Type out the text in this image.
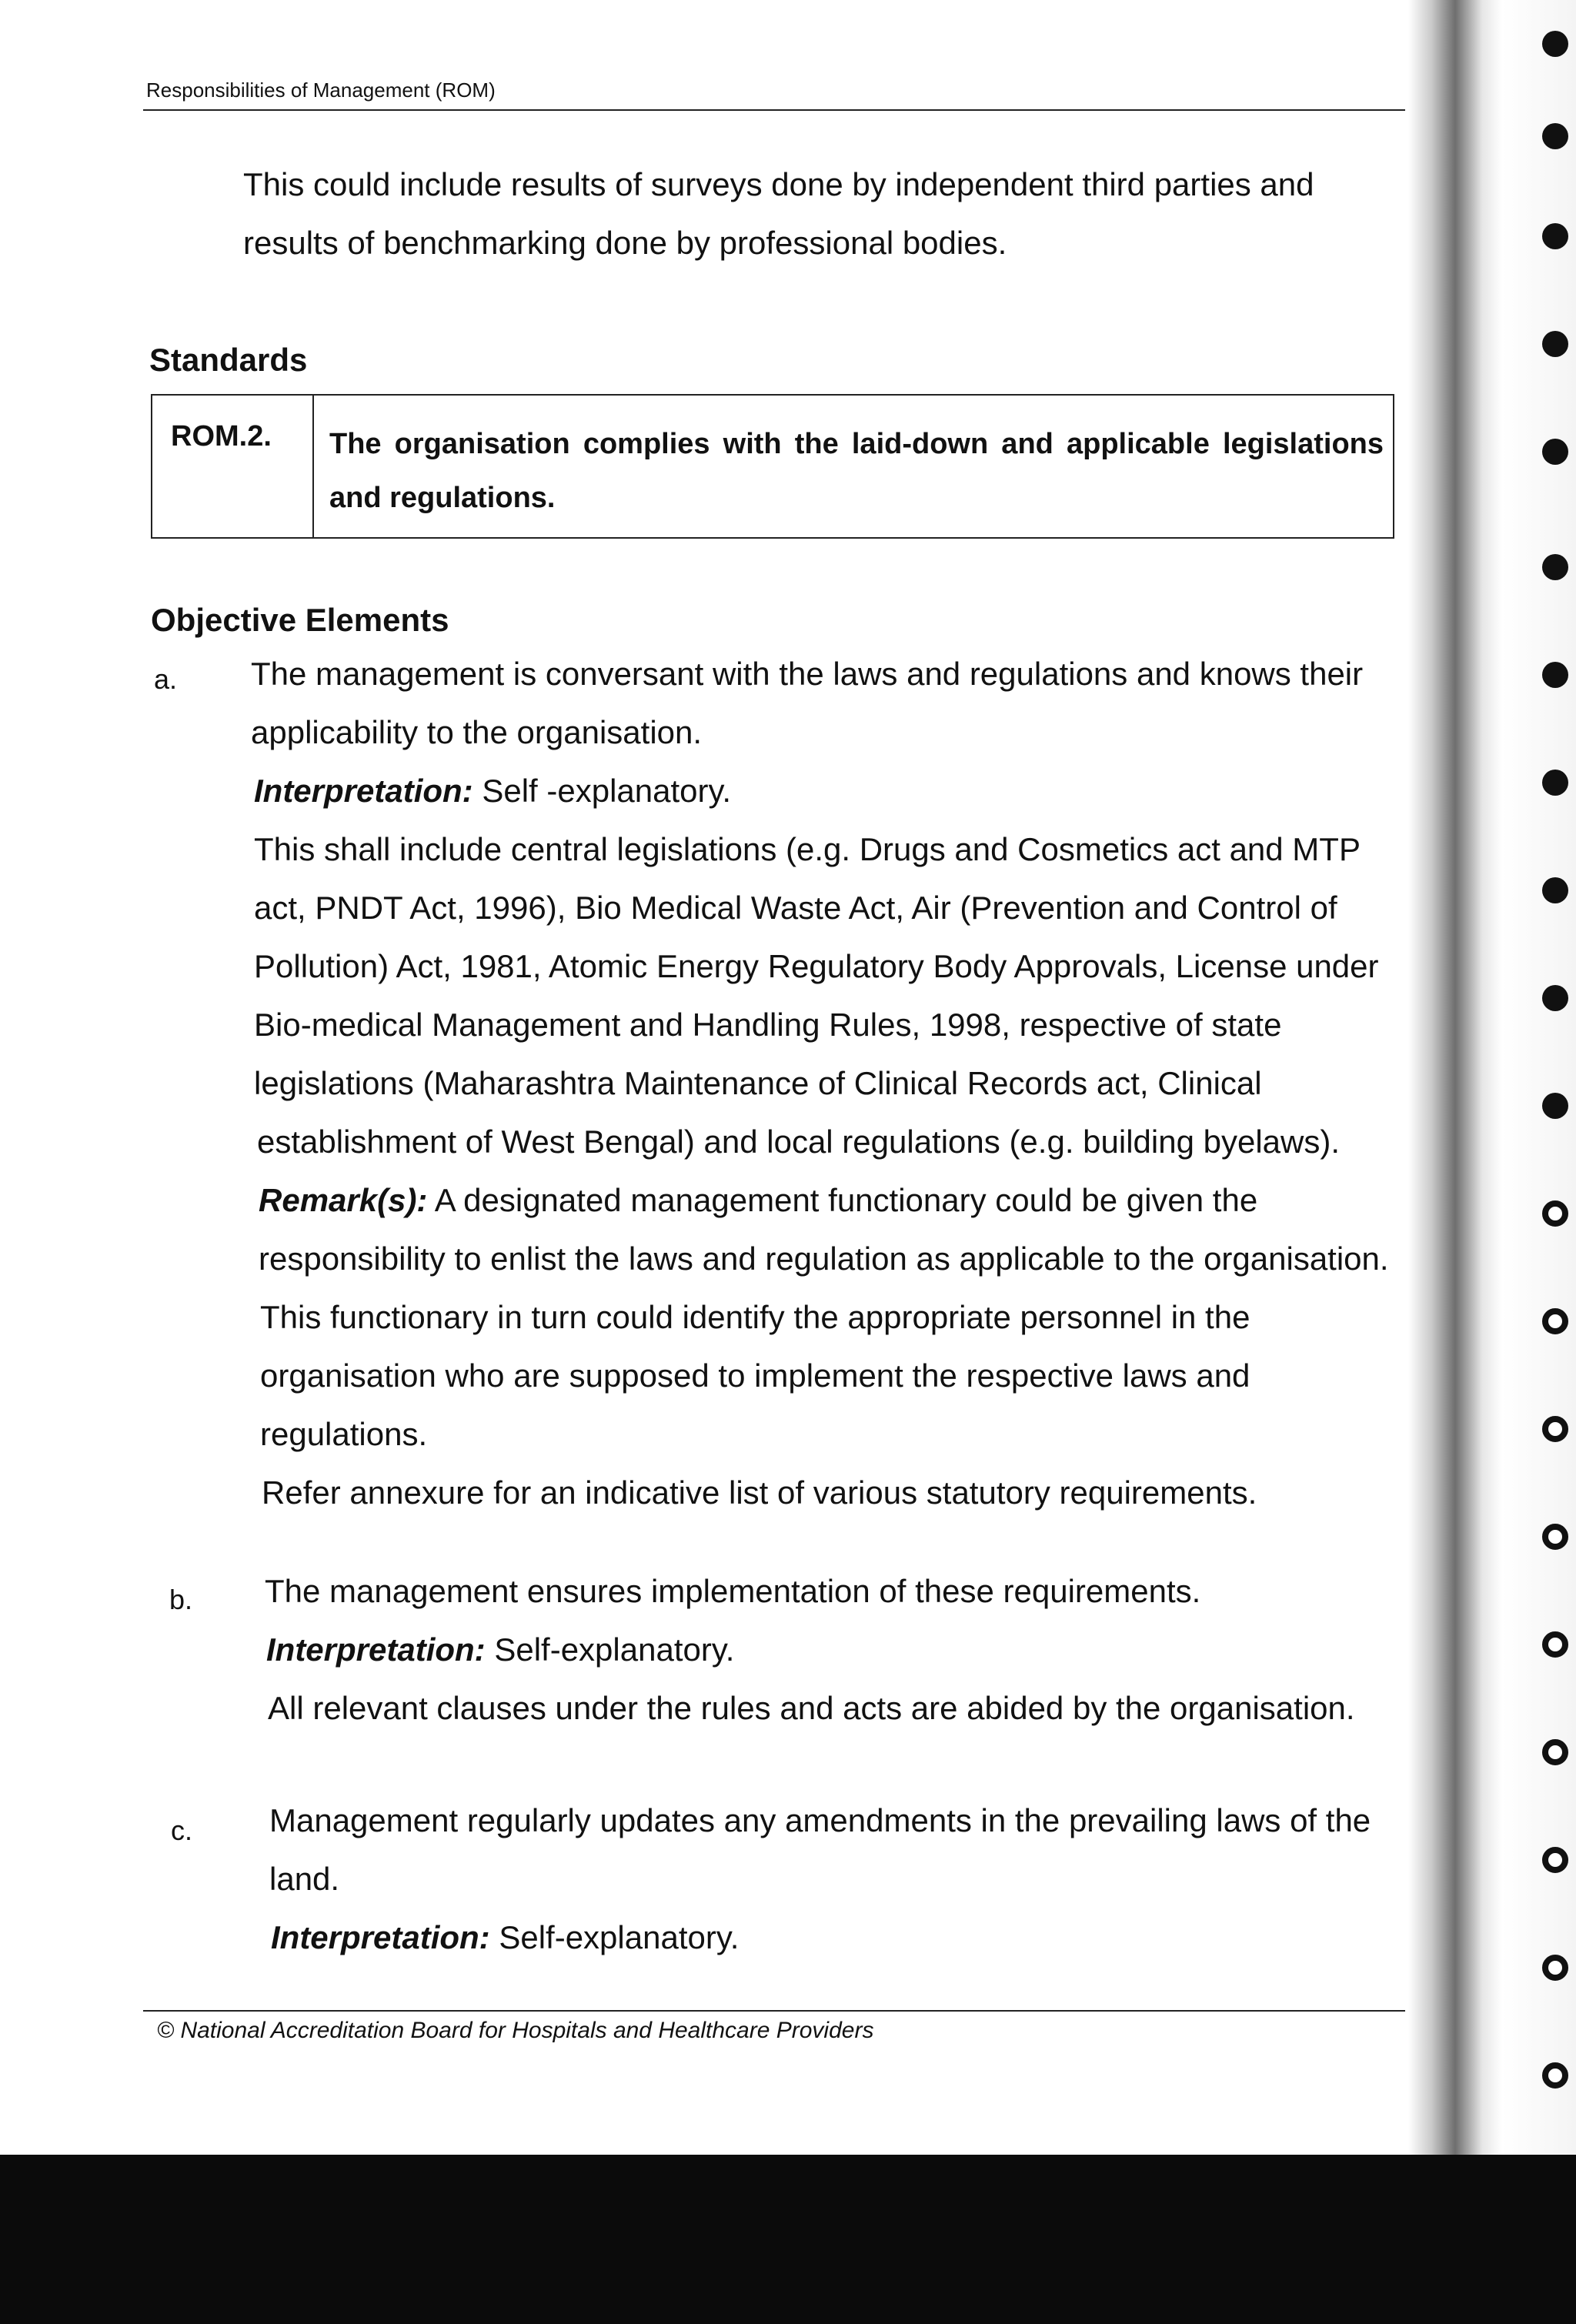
Responsibilities of Management (ROM)
This could include results of surveys done by independent third parties and
results of benchmarking done by professional bodies.
Standards
ROM.2. The organisation complies with the laid-down and applicable legislations and regulations.
Objective Elements
a. The management is conversant with the laws and regulations and knows their
applicability to the organisation.
Interpretation: Self -explanatory.
This shall include central legislations (e.g. Drugs and Cosmetics act and MTP
act, PNDT Act, 1996), Bio Medical Waste Act, Air (Prevention and Control of
Pollution) Act, 1981, Atomic Energy Regulatory Body Approvals, License under
Bio-medical Management and Handling Rules, 1998, respective of state
legislations (Maharashtra Maintenance of Clinical Records act, Clinical
establishment of West Bengal) and local regulations (e.g. building byelaws).
Remark(s): A designated management functionary could be given the
responsibility to enlist the laws and regulation as applicable to the organisation.
This functionary in turn could identify the appropriate personnel in the
organisation who are supposed to implement the respective laws and
regulations.
Refer annexure for an indicative list of various statutory requirements.
b. The management ensures implementation of these requirements.
Interpretation: Self-explanatory.
All relevant clauses under the rules and acts are abided by the organisation.
c. Management regularly updates any amendments in the prevailing laws of the
land.
Interpretation: Self-explanatory.
© National Accreditation Board for Hospitals and Healthcare Providers
